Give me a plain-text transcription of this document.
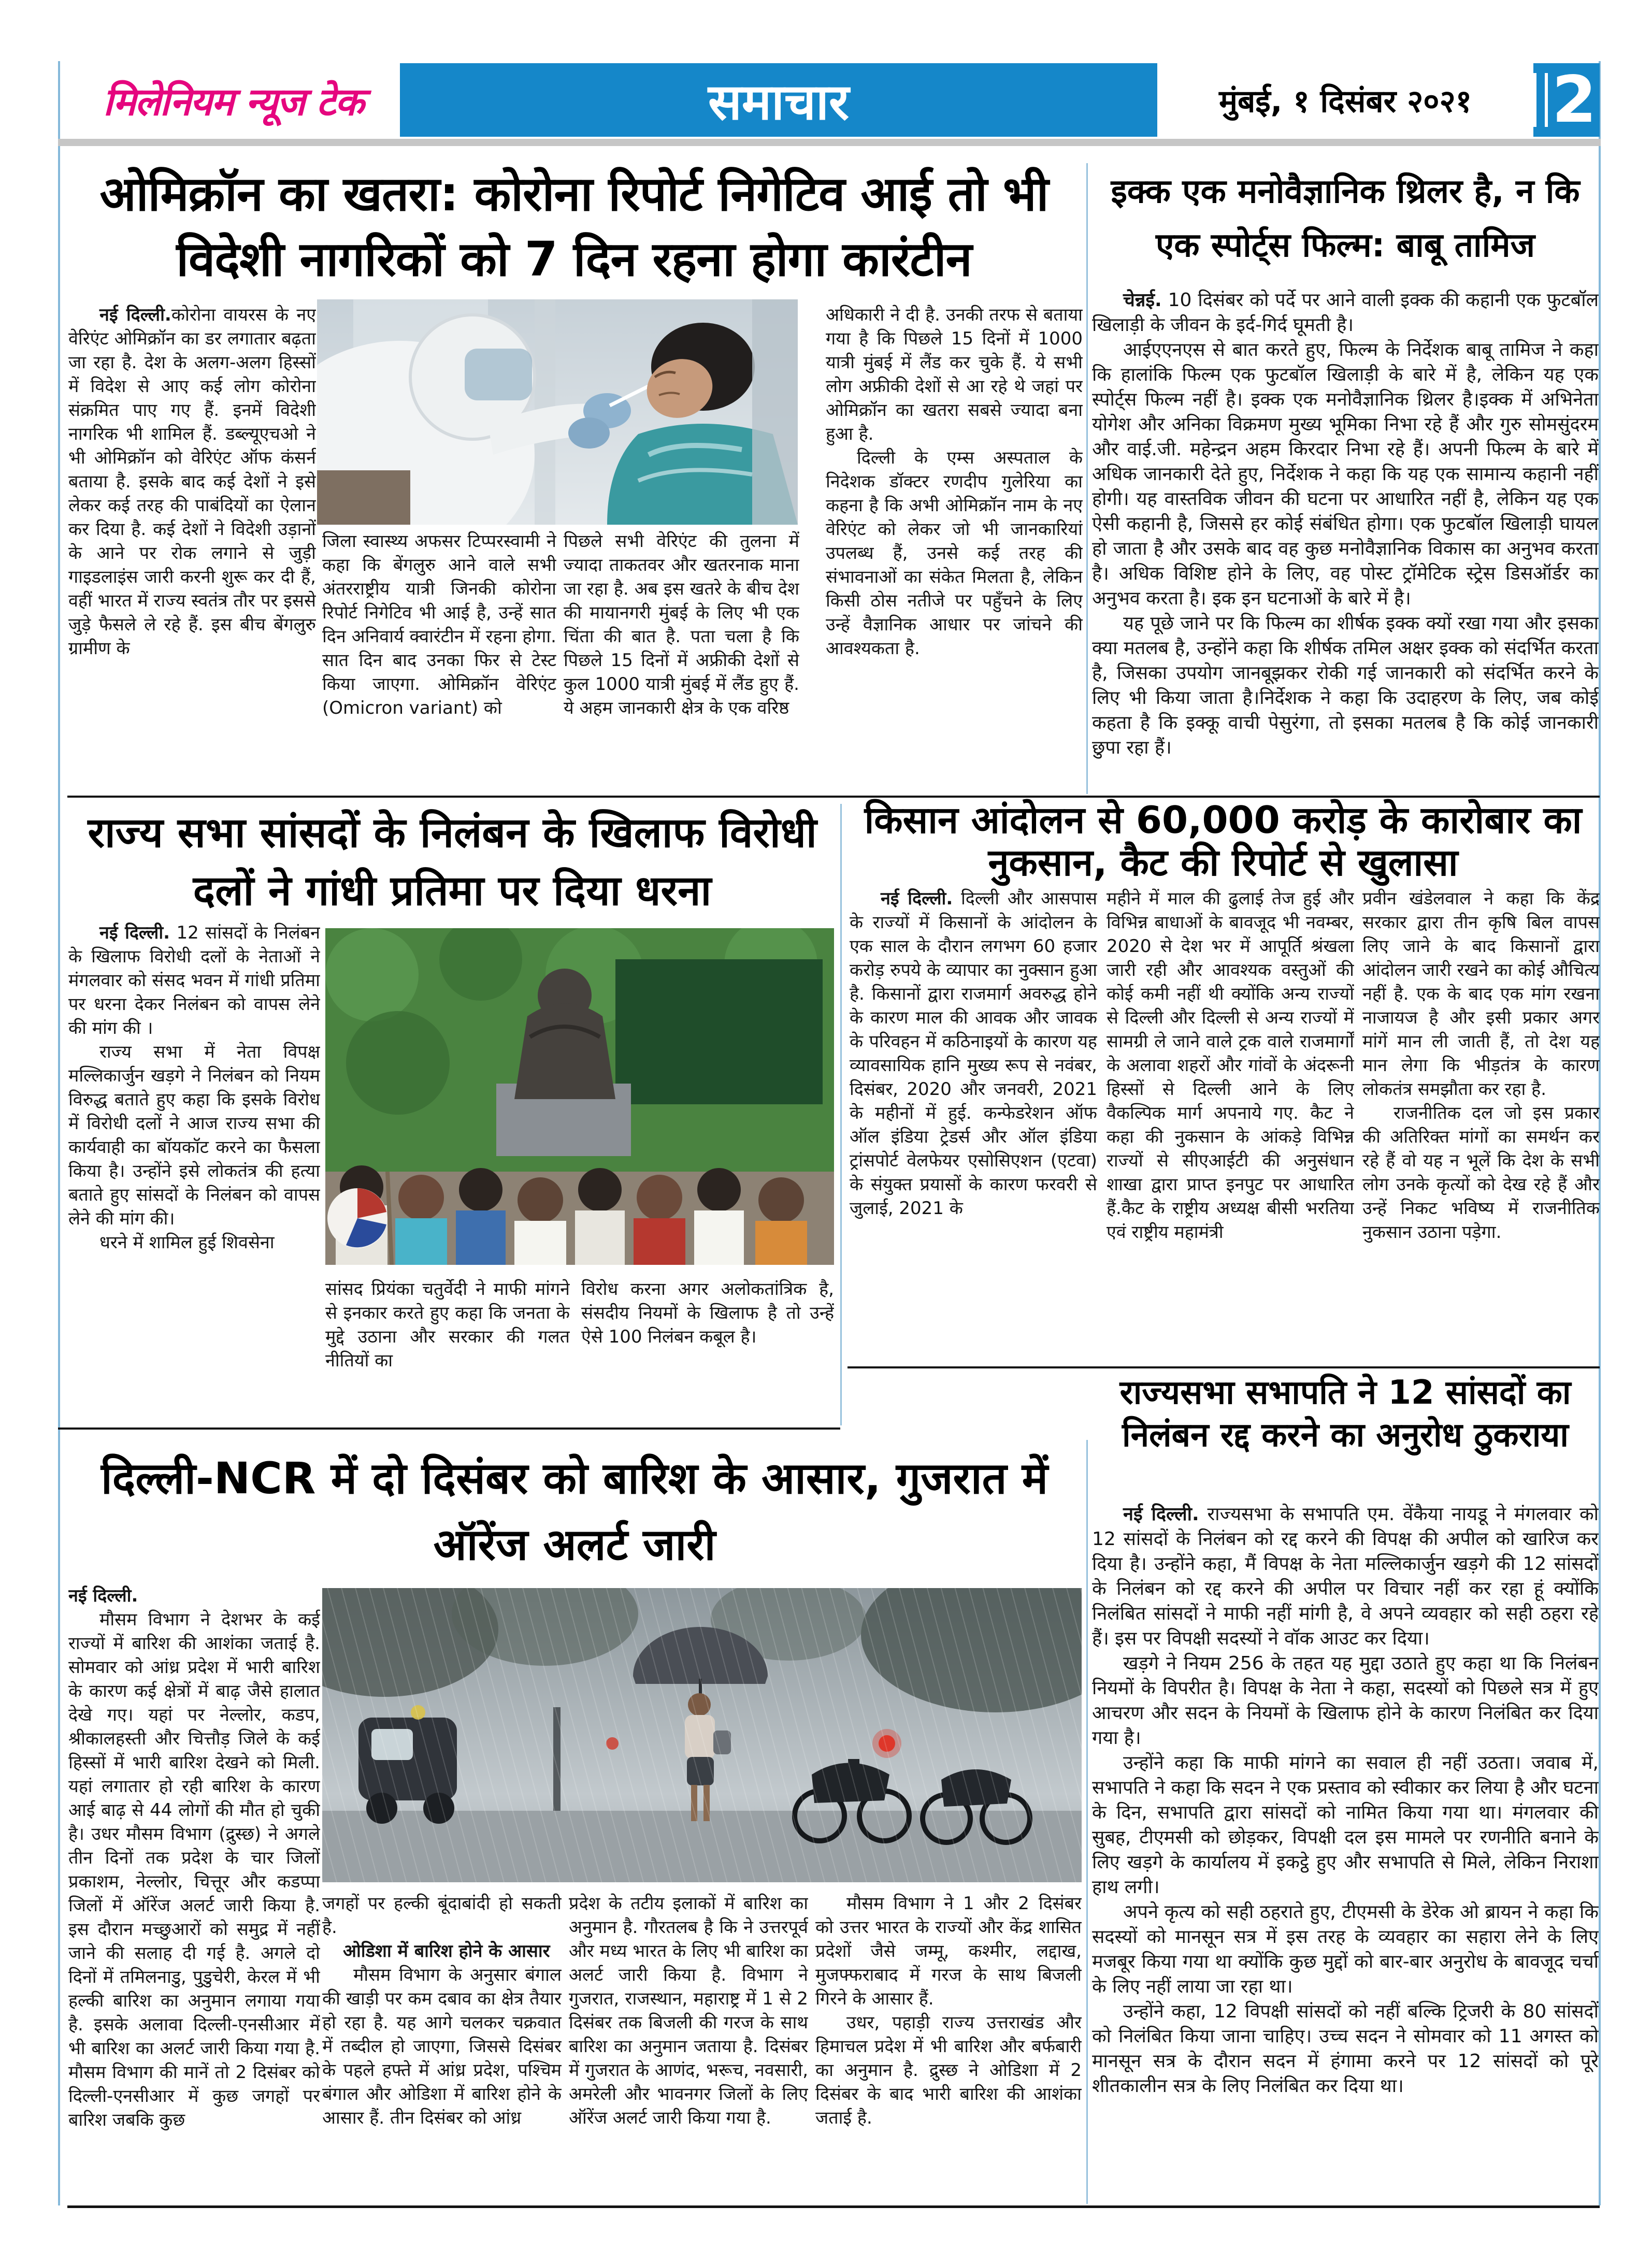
मिलेनियम न्यूज टेक	समाचार	मुंबई, १ दिसंबर २०२१ 2
ओमिक्रॉन का खतरा: कोरोना रिपोर्ट निगेटिव आई तो भी विदेशी नागरिकों को 7 दिन रहना होगा कारंटीन

नई दिल्ली.कोरोना वायरस के नए वेरिएंट ओमिक्रॉन का डर लगातार बढ़ता जा रहा है. देश के अलग-अलग हिस्सों में विदेश से आए कई लोग कोरोना संक्रमित पाए गए हैं. इनमें विदेशी नागरिक भी शामिल हैं. डब्ल्यूएचओ ने भी ओमिक्रॉन को वेरिएंट ऑफ कंसर्न बताया है. इसके बाद कई देशों ने इसे लेकर कई तरह की पाबंदियों का ऐलान कर दिया है. कई देशों ने विदेशी उड़ानों के आने पर रोक लगाने से जुड़ी गाइडलाइंस जारी करनी शुरू कर दी हैं, वहीं भारत में राज्य स्वतंत्र तौर पर इससे जुड़े फैसले ले रहे हैं. इस बीच बेंगलुरु ग्रामीण के

जिला स्वास्थ्य अफसर टिप्परस्वामी ने कहा कि बेंगलुरु आने वाले सभी अंतरराष्ट्रीय यात्री जिनकी कोरोना रिपोर्ट निगेटिव भी आई है, उन्हें सात दिन अनिवार्य क्वारंटीन में रहना होगा. सात दिन बाद उनका फिर से टेस्ट किया जाएगा. ओमिक्रॉन वेरिएंट (Omicron variant) को

पिछले सभी वेरिएंट की तुलना में ज्यादा ताकतवर और खतरनाक माना जा रहा है. अब इस खतरे के बीच देश की मायानगरी मुंबई के लिए भी एक चिंता की बात है. पता चला है कि पिछले 15 दिनों में अफ्रीकी देशों से कुल 1000 यात्री मुंबई में लैंड हुए हैं. ये अहम जानकारी क्षेत्र के एक वरिष्ठ

अधिकारी ने दी है. उनकी तरफ से बताया गया है कि पिछले 15 दिनों में 1000 यात्री मुंबई में लैंड कर चुके हैं. ये सभी लोग अफ्रीकी देशों से आ रहे थे जहां पर ओमिक्रॉन का खतरा सबसे ज्यादा बना हुआ है.

दिल्ली के एम्स अस्पताल के निदेशक डॉक्टर रणदीप गुलेरिया का कहना है कि अभी ओमिक्रॉन नाम के नए वेरिएंट को लेकर जो भी जानकारियां उपलब्ध हैं, उनसे कई तरह की संभावनाओं का संकेत मिलता है, लेकिन किसी ठोस नतीजे पर पहुँचने के लिए उन्हें वैज्ञानिक आधार पर जांचने की आवश्यकता है.

इक्क एक मनोवैज्ञानिक थ्रिलर है, न कि एक स्पोर्ट्स फिल्म: बाबू तामिज

चेन्नई. 10 दिसंबर को पर्दे पर आने वाली इक्क की कहानी एक फुटबॉल खिलाड़ी के जीवन के इर्द-गिर्द घूमती है।

आईएएनएस से बात करते हुए, फिल्म के निर्देशक बाबू तामिज ने कहा कि हालांकि फिल्म एक फुटबॉल खिलाड़ी के बारे में है, लेकिन यह एक स्पोर्ट्स फिल्म नहीं है। इक्क एक मनोवैज्ञानिक थ्रिलर है।इक्क में अभिनेता योगेश और अनिका विक्रमण मुख्य भूमिका निभा रहे हैं और गुरु सोमसुंदरम और वाई.जी. महेन्द्रन अहम किरदार निभा रहे हैं। अपनी फिल्म के बारे में अधिक जानकारी देते हुए, निर्देशक ने कहा कि यह एक सामान्य कहानी नहीं होगी। यह वास्तविक जीवन की घटना पर आधारित नहीं है, लेकिन यह एक ऐसी कहानी है, जिससे हर कोई संबंधित होगा। एक फुटबॉल खिलाड़ी घायल हो जाता है और उसके बाद वह कुछ मनोवैज्ञानिक विकास का अनुभव करता है। अधिक विशिष्ट होने के लिए, वह पोस्ट ट्रॉमेटिक स्ट्रेस डिसऑर्डर का अनुभव करता है। इक इन घटनाओं के बारे में है।

यह पूछे जाने पर कि फिल्म का शीर्षक इक्क क्यों रखा गया और इसका क्या मतलब है, उन्होंने कहा कि शीर्षक तमिल अक्षर इक्क को संदर्भित करता है, जिसका उपयोग जानबूझकर रोकी गई जानकारी को संदर्भित करने के लिए भी किया जाता है।निर्देशक ने कहा कि उदाहरण के लिए, जब कोई कहता है कि इक्कू वाची पेसुरंगा, तो इसका मतलब है कि कोई जानकारी छुपा रहा हैं।

राज्य सभा सांसदों के निलंबन के खिलाफ विरोधी दलों ने गांधी प्रतिमा पर दिया धरना

नई दिल्ली. 12 सांसदों के निलंबन के खिलाफ विरोधी दलों के नेताओं ने मंगलवार को संसद भवन में गांधी प्रतिमा पर धरना देकर निलंबन को वापस लेने की मांग की ।

राज्य सभा में नेता विपक्ष मल्लिकार्जुन खड़गे ने निलंबन को नियम विरुद्ध बताते हुए कहा कि इसके विरोध में विरोधी दलों ने आज राज्य सभा की कार्यवाही का बॉयकॉट करने का फैसला किया है। उन्होंने इसे लोकतंत्र की हत्या बताते हुए सांसदों के निलंबन को वापस लेने की मांग की।

धरने में शामिल हुई शिवसेना

सांसद प्रियंका चतुर्वेदी ने माफी मांगने से इनकार करते हुए कहा कि जनता के मुद्दे उठाना और सरकार की गलत नीतियों का

विरोध करना अगर अलोकतांत्रिक है, संसदीय नियमों के खिलाफ है तो उन्हें ऐसे 100 निलंबन कबूल है।

किसान आंदोलन से 60,000 करोड़ के कारोबार का नुकसान, कैट की रिपोर्ट से खुलासा

नई दिल्ली. दिल्ली और आसपास के राज्यों में किसानों के आंदोलन के एक साल के दौरान लगभग 60 हजार करोड़ रुपये के व्यापार का नुक्सान हुआ है. किसानों द्वारा राजमार्ग अवरुद्ध होने के कारण माल की आवक और जावक के परिवहन में कठिनाइयों के कारण यह व्यावसायिक हानि मुख्य रूप से नवंबर, दिसंबर, 2020 और जनवरी, 2021 के महीनों में हुई. कन्फेडरेशन ऑफ ऑल इंडिया ट्रेडर्स और ऑल इंडिया ट्रांसपोर्ट वेलफेयर एसोसिएशन (एटवा) के संयुक्त प्रयासों के कारण फरवरी से जुलाई, 2021 के

महीने में माल की ढुलाई तेज हुई और विभिन्न बाधाओं के बावजूद भी नवम्बर, 2020 से देश भर में आपूर्ति श्रंखला जारी रही और आवश्यक वस्तुओं की कोई कमी नहीं थी क्योंकि अन्य राज्यों से दिल्ली और दिल्ली से अन्य राज्यों में सामग्री ले जाने वाले ट्रक वाले राजमार्गों के अलावा शहरों और गांवों के अंदरूनी हिस्सों से दिल्ली आने के लिए वैकल्पिक मार्ग अपनाये गए. कैट ने कहा की नुकसान के आंकड़े विभिन्न राज्यों से सीएआईटी की अनुसंधान शाखा द्वारा प्राप्त इनपुट पर आधारित हैं.कैट के राष्ट्रीय अध्यक्ष बीसी भरतिया एवं राष्ट्रीय महामंत्री

प्रवीन खंडेलवाल ने कहा कि केंद्र सरकार द्वारा तीन कृषि बिल वापस लिए जाने के बाद किसानों द्वारा आंदोलन जारी रखने का कोई औचित्य नहीं है. एक के बाद एक मांग रखना नाजायज है और इसी प्रकार अगर मांगें मान ली जाती हैं, तो देश यह मान लेगा कि भीड़तंत्र के कारण लोकतंत्र समझौता कर रहा है.

राजनीतिक दल जो इस प्रकार की अतिरिक्त मांगों का समर्थन कर रहे हैं वो यह न भूलें कि देश के सभी लोग उनके कृत्यों को देख रहे हैं और उन्हें निकट भविष्य में राजनीतिक नुकसान उठाना पड़ेगा.

दिल्ली-NCR में दो दिसंबर को बारिश के आसार, गुजरात में ऑरेंज अलर्ट जारी

नई दिल्ली.

मौसम विभाग ने देशभर के कई राज्यों में बारिश की आशंका जताई है. सोमवार को आंध्र प्रदेश में भारी बारिश के कारण कई क्षेत्रों में बाढ़ जैसे हालात देखे गए। यहां पर नेल्लोर, कडप, श्रीकालहस्ती और चित्तौड़ जिले के कई हिस्सों में भारी बारिश देखने को मिली. यहां लगातार हो रही बारिश के कारण आई बाढ़ से 44 लोगों की मौत हो चुकी है। उधर मौसम विभाग (द्रुस्छ) ने अगले तीन दिनों तक प्रदेश के चार जिलों प्रकाशम, नेल्लोर, चित्तूर और कडप्पा जिलों में ऑरेंज अलर्ट जारी किया है. इस दौरान मच्छुआरों को समुद्र में नहीं जाने की सलाह दी गई है. अगले दो दिनों में तमिलनाडु, पुडुचेरी, केरल में भी हल्की बारिश का अनुमान लगाया गया है. इसके अलावा दिल्ली-एनसीआर में भी बारिश का अलर्ट जारी किया गया है. मौसम विभाग की मानें तो 2 दिसंबर को दिल्ली-एनसीआर में कुछ जगहों पर बारिश जबकि कुछ

जगहों पर हल्की बूंदाबांदी हो सकती है.

ओडिशा में बारिश होने के आसार

मौसम विभाग के अनुसार बंगाल की खाड़ी पर कम दबाव का क्षेत्र तैयार हो रहा है. यह आगे चलकर चक्रवात में तब्दील हो जाएगा, जिससे दिसंबर के पहले हफ्ते में आंध्र प्रदेश, पश्चिम बंगाल और ओडिशा में बारिश होने के आसार हैं. तीन दिसंबर को आंध्र

प्रदेश के तटीय इलाकों में बारिश का अनुमान है. गौरतलब है कि ने उत्तरपूर्व और मध्य भारत के लिए भी बारिश का अलर्ट जारी किया है. विभाग ने गुजरात, राजस्थान, महाराष्ट्र में 1 से 2 दिसंबर तक बिजली की गरज के साथ बारिश का अनुमान जताया है. दिसंबर में गुजरात के आणंद, भरूच, नवसारी, अमरेली और भावनगर जिलों के लिए ऑरेंज अलर्ट जारी किया गया है.

मौसम विभाग ने 1 और 2 दिसंबर को उत्तर भारत के राज्यों और केंद्र शासित प्रदेशों जैसे जम्मू, कश्मीर, लद्दाख, मुजफ्फराबाद में गरज के साथ बिजली गिरने के आसार हैं.

उधर, पहाड़ी राज्य उत्तराखंड और हिमाचल प्रदेश में भी बारिश और बर्फबारी का अनुमान है. द्रुस्छ ने ओडिशा में 2 दिसंबर के बाद भारी बारिश की आशंका जताई है.

राज्यसभा सभापति ने 12 सांसदों का निलंबन रद्द करने का अनुरोध ठुकराया

नई दिल्ली. राज्यसभा के सभापति एम. वेंकैया नायडू ने मंगलवार को 12 सांसदों के निलंबन को रद्द करने की विपक्ष की अपील को खारिज कर दिया है। उन्होंने कहा, मैं विपक्ष के नेता मल्लिकार्जुन खड़गे की 12 सांसदों के निलंबन को रद्द करने की अपील पर विचार नहीं कर रहा हूं क्योंकि निलंबित सांसदों ने माफी नहीं मांगी है, वे अपने व्यवहार को सही ठहरा रहे हैं। इस पर विपक्षी सदस्यों ने वॉक आउट कर दिया।

खड़गे ने नियम 256 के तहत यह मुद्दा उठाते हुए कहा था कि निलंबन नियमों के विपरीत है। विपक्ष के नेता ने कहा, सदस्यों को पिछले सत्र में हुए आचरण और सदन के नियमों के खिलाफ होने के कारण निलंबित कर दिया गया है।

उन्होंने कहा कि माफी मांगने का सवाल ही नहीं उठता। जवाब में, सभापति ने कहा कि सदन ने एक प्रस्ताव को स्वीकार कर लिया है और घटना के दिन, सभापति द्वारा सांसदों को नामित किया गया था। मंगलवार की सुबह, टीएमसी को छोड़कर, विपक्षी दल इस मामले पर रणनीति बनाने के लिए खड़गे के कार्यालय में इकट्ठे हुए और सभापति से मिले, लेकिन निराशा हाथ लगी।

अपने कृत्य को सही ठहराते हुए, टीएमसी के डेरेक ओ ब्रायन ने कहा कि सदस्यों को मानसून सत्र में इस तरह के व्यवहार का सहारा लेने के लिए मजबूर किया गया था क्योंकि कुछ मुद्दों को बार-बार अनुरोध के बावजूद चर्चा के लिए नहीं लाया जा रहा था।

उन्होंने कहा, 12 विपक्षी सांसदों को नहीं बल्कि ट्रिजरी के 80 सांसदों को निलंबित किया जाना चाहिए। उच्च सदन ने सोमवार को 11 अगस्त को मानसून सत्र के दौरान सदन में हंगामा करने पर 12 सांसदों को पूरे शीतकालीन सत्र के लिए निलंबित कर दिया था।
